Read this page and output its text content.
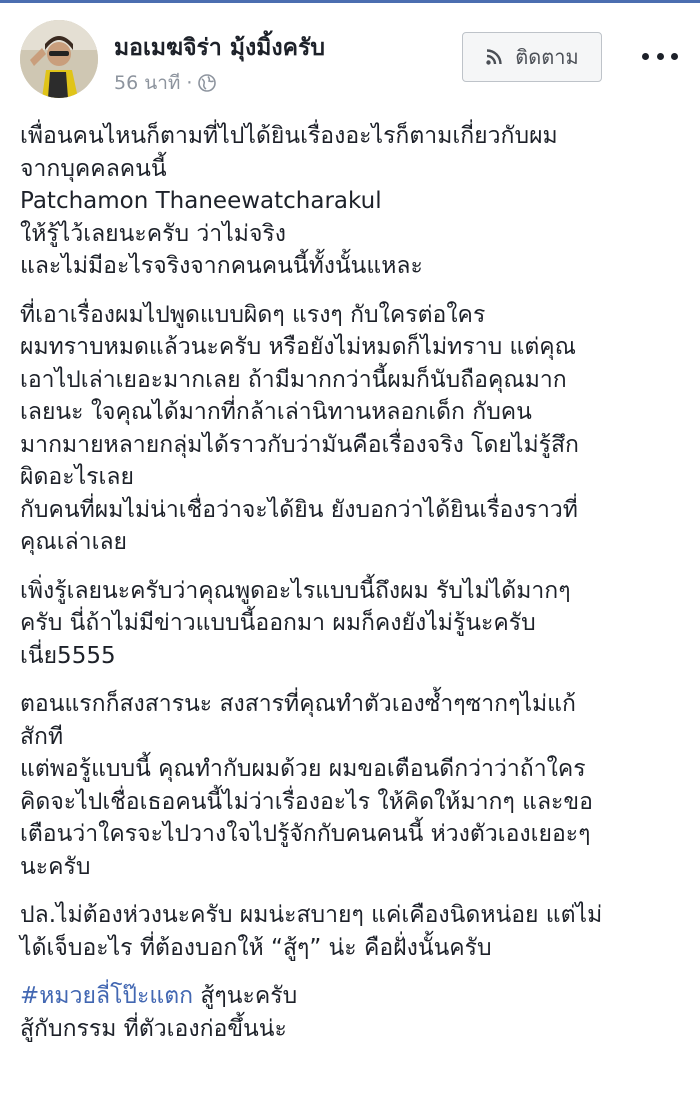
มอเมฆจิร่า มุ้งมิ้งครับ
56 นาที ·
ติดตาม

เพื่อนคนไหนก็ตามที่ไปได้ยินเรื่องอะไรก็ตามเกี่ยวกับผม
จากบุคคลคนนี้
Patchamon Thaneewatcharakul
ให้รู้ไว้เลยนะครับ ว่าไม่จริง
และไม่มีอะไรจริงจากคนคนนี้ทั้งนั้นแหละ

ที่เอาเรื่องผมไปพูดแบบผิดๆ แรงๆ กับใครต่อใคร
ผมทราบหมดแล้วนะครับ หรือยังไม่หมดก็ไม่ทราบ แต่คุณ
เอาไปเล่าเยอะมากเลย ถ้ามีมากกว่านี้ผมก็นับถือคุณมาก
เลยนะ ใจคุณได้มากที่กล้าเล่านิทานหลอกเด็ก กับคน
มากมายหลายกลุ่มได้ราวกับว่ามันคือเรื่องจริง โดยไม่รู้สึก
ผิดอะไรเลย
กับคนที่ผมไม่น่าเชื่อว่าจะได้ยิน ยังบอกว่าได้ยินเรื่องราวที่
คุณเล่าเลย

เพิ่งรู้เลยนะครับว่าคุณพูดอะไรแบบนี้ถึงผม รับไม่ได้มากๆ
ครับ นี่ถ้าไม่มีข่าวแบบนี้ออกมา ผมก็คงยังไม่รู้นะครับ
เนี่ย5555

ตอนแรกก็สงสารนะ สงสารที่คุณทำตัวเองซ้ำๆซากๆไม่แก้
สักที
แต่พอรู้แบบนี้ คุณทำกับผมด้วย ผมขอเตือนดีกว่าว่าถ้าใคร
คิดจะไปเชื่อเธอคนนี้ไม่ว่าเรื่องอะไร ให้คิดให้มากๆ และขอ
เตือนว่าใครจะไปวางใจไปรู้จักกับคนคนนี้ ห่วงตัวเองเยอะๆ
นะครับ

ปล.ไม่ต้องห่วงนะครับ ผมน่ะสบายๆ แค่เคืองนิดหน่อย แต่ไม่
ได้เจ็บอะไร ที่ต้องบอกให้ “สู้ๆ” น่ะ คือฝั่งนั้นครับ

#หมวยลี่โป๊ะแตก สู้ๆนะครับ
สู้กับกรรม ที่ตัวเองก่อขึ้นน่ะ
